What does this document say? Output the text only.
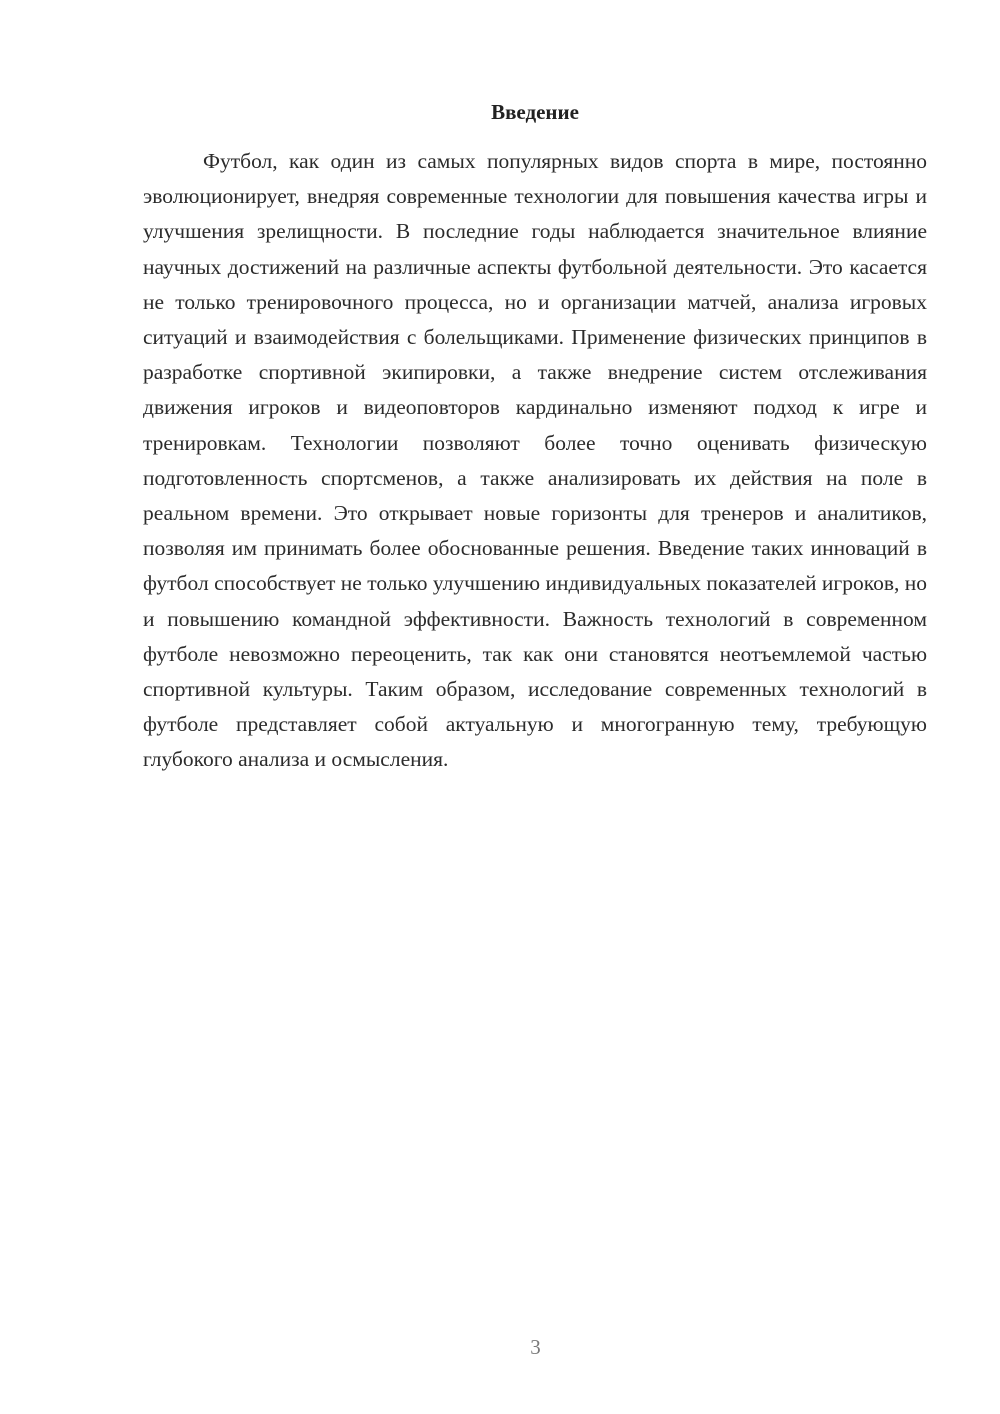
Введение

Футбол, как один из самых популярных видов спорта в мире, постоянно эволюционирует, внедряя современные технологии для повышения качества игры и улучшения зрелищности. В последние годы наблюдается значительное влияние научных достижений на различные аспекты футбольной деятельности. Это касается не только тренировочного процесса, но и организации матчей, анализа игровых ситуаций и взаимодействия с болельщиками. Применение физических принципов в разработке спортивной экипировки, а также внедрение систем отслеживания движения игроков и видеоповторов кардинально изменяют подход к игре и тренировкам. Технологии позволяют более точно оценивать физическую подготовленность спортсменов, а также анализировать их действия на поле в реальном времени. Это открывает новые горизонты для тренеров и аналитиков, позволяя им принимать более обоснованные решения. Введение таких инноваций в футбол способствует не только улучшению индивидуальных показателей игроков, но и повышению командной эффективности. Важность технологий в современном футболе невозможно переоценить, так как они становятся неотъемлемой частью спортивной культуры. Таким образом, исследование современных технологий в футболе представляет собой актуальную и многогранную тему, требующую глубокого анализа и осмысления.

3
